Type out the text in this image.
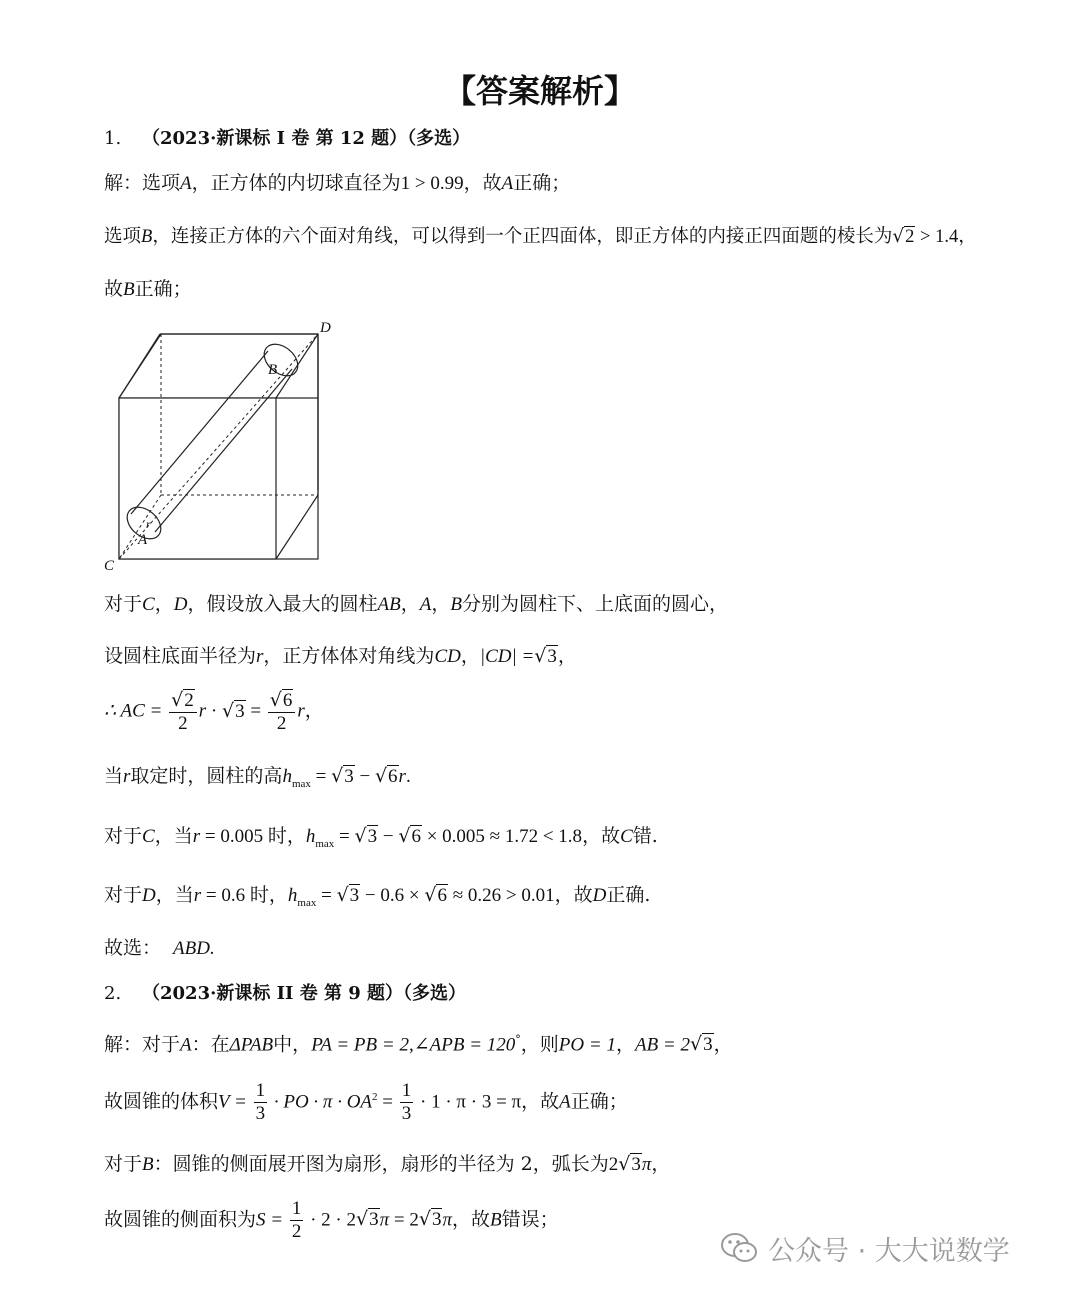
【答案解析】
1. （2023·新课标 I 卷 第 12 题）（多选）
解：选项A，正方体的内切球直径为1 > 0.99，故A正确；
选项B，连接正方体的六个面对角线，可以得到一个正四面体，即正方体的内接正四面题的棱长为√2 > 1.4，
故B正确；
D
B
A
r
C
对于C，D，假设放入最大的圆柱AB，A，B分别为圆柱下、上底面的圆心，
设圆柱底面半径为r，正方体体对角线为CD，|CD| =√3，
∴ AC = $\frac{√2}{2}$ $r \cdot √3 = \frac{√6}{2}$ r，
当r取定时，圆柱的高$h_{max} = √3 - √6r$.
对于C，当r = 0.005 时，$h_{max} = √3 - √6 \times 0.005 \approx 1.72 < 1.8$，故C错.
对于D，当r = 0.6 时，$h_{max} = √3 - 0.6 \times √6 \approx 0.26 > 0.01$，故D正确.
故选： ABD.
2. （2023·新课标 II 卷 第 9 题）（多选）
解：对于A：在ΔPAB中，PA = PB = 2,∠APB = 120°，则PO = 1，AB = 2√3，
故圆锥的体积$V = \frac{1}{3}$ · PO · $\pi \cdot OA^2 = \frac{1}{3} \cdot 1 \cdot \pi \cdot 3 = \pi$，故A正确；
对于B：圆锥的侧面展开图为扇形，扇形的半径为 2，弧长为2√3π，
故圆锥的侧面积为$S = \frac{1}{2} \cdot 2 \cdot 2√3\pi = 2√3\pi$，故B错误；
公众号 · 大大说数学
